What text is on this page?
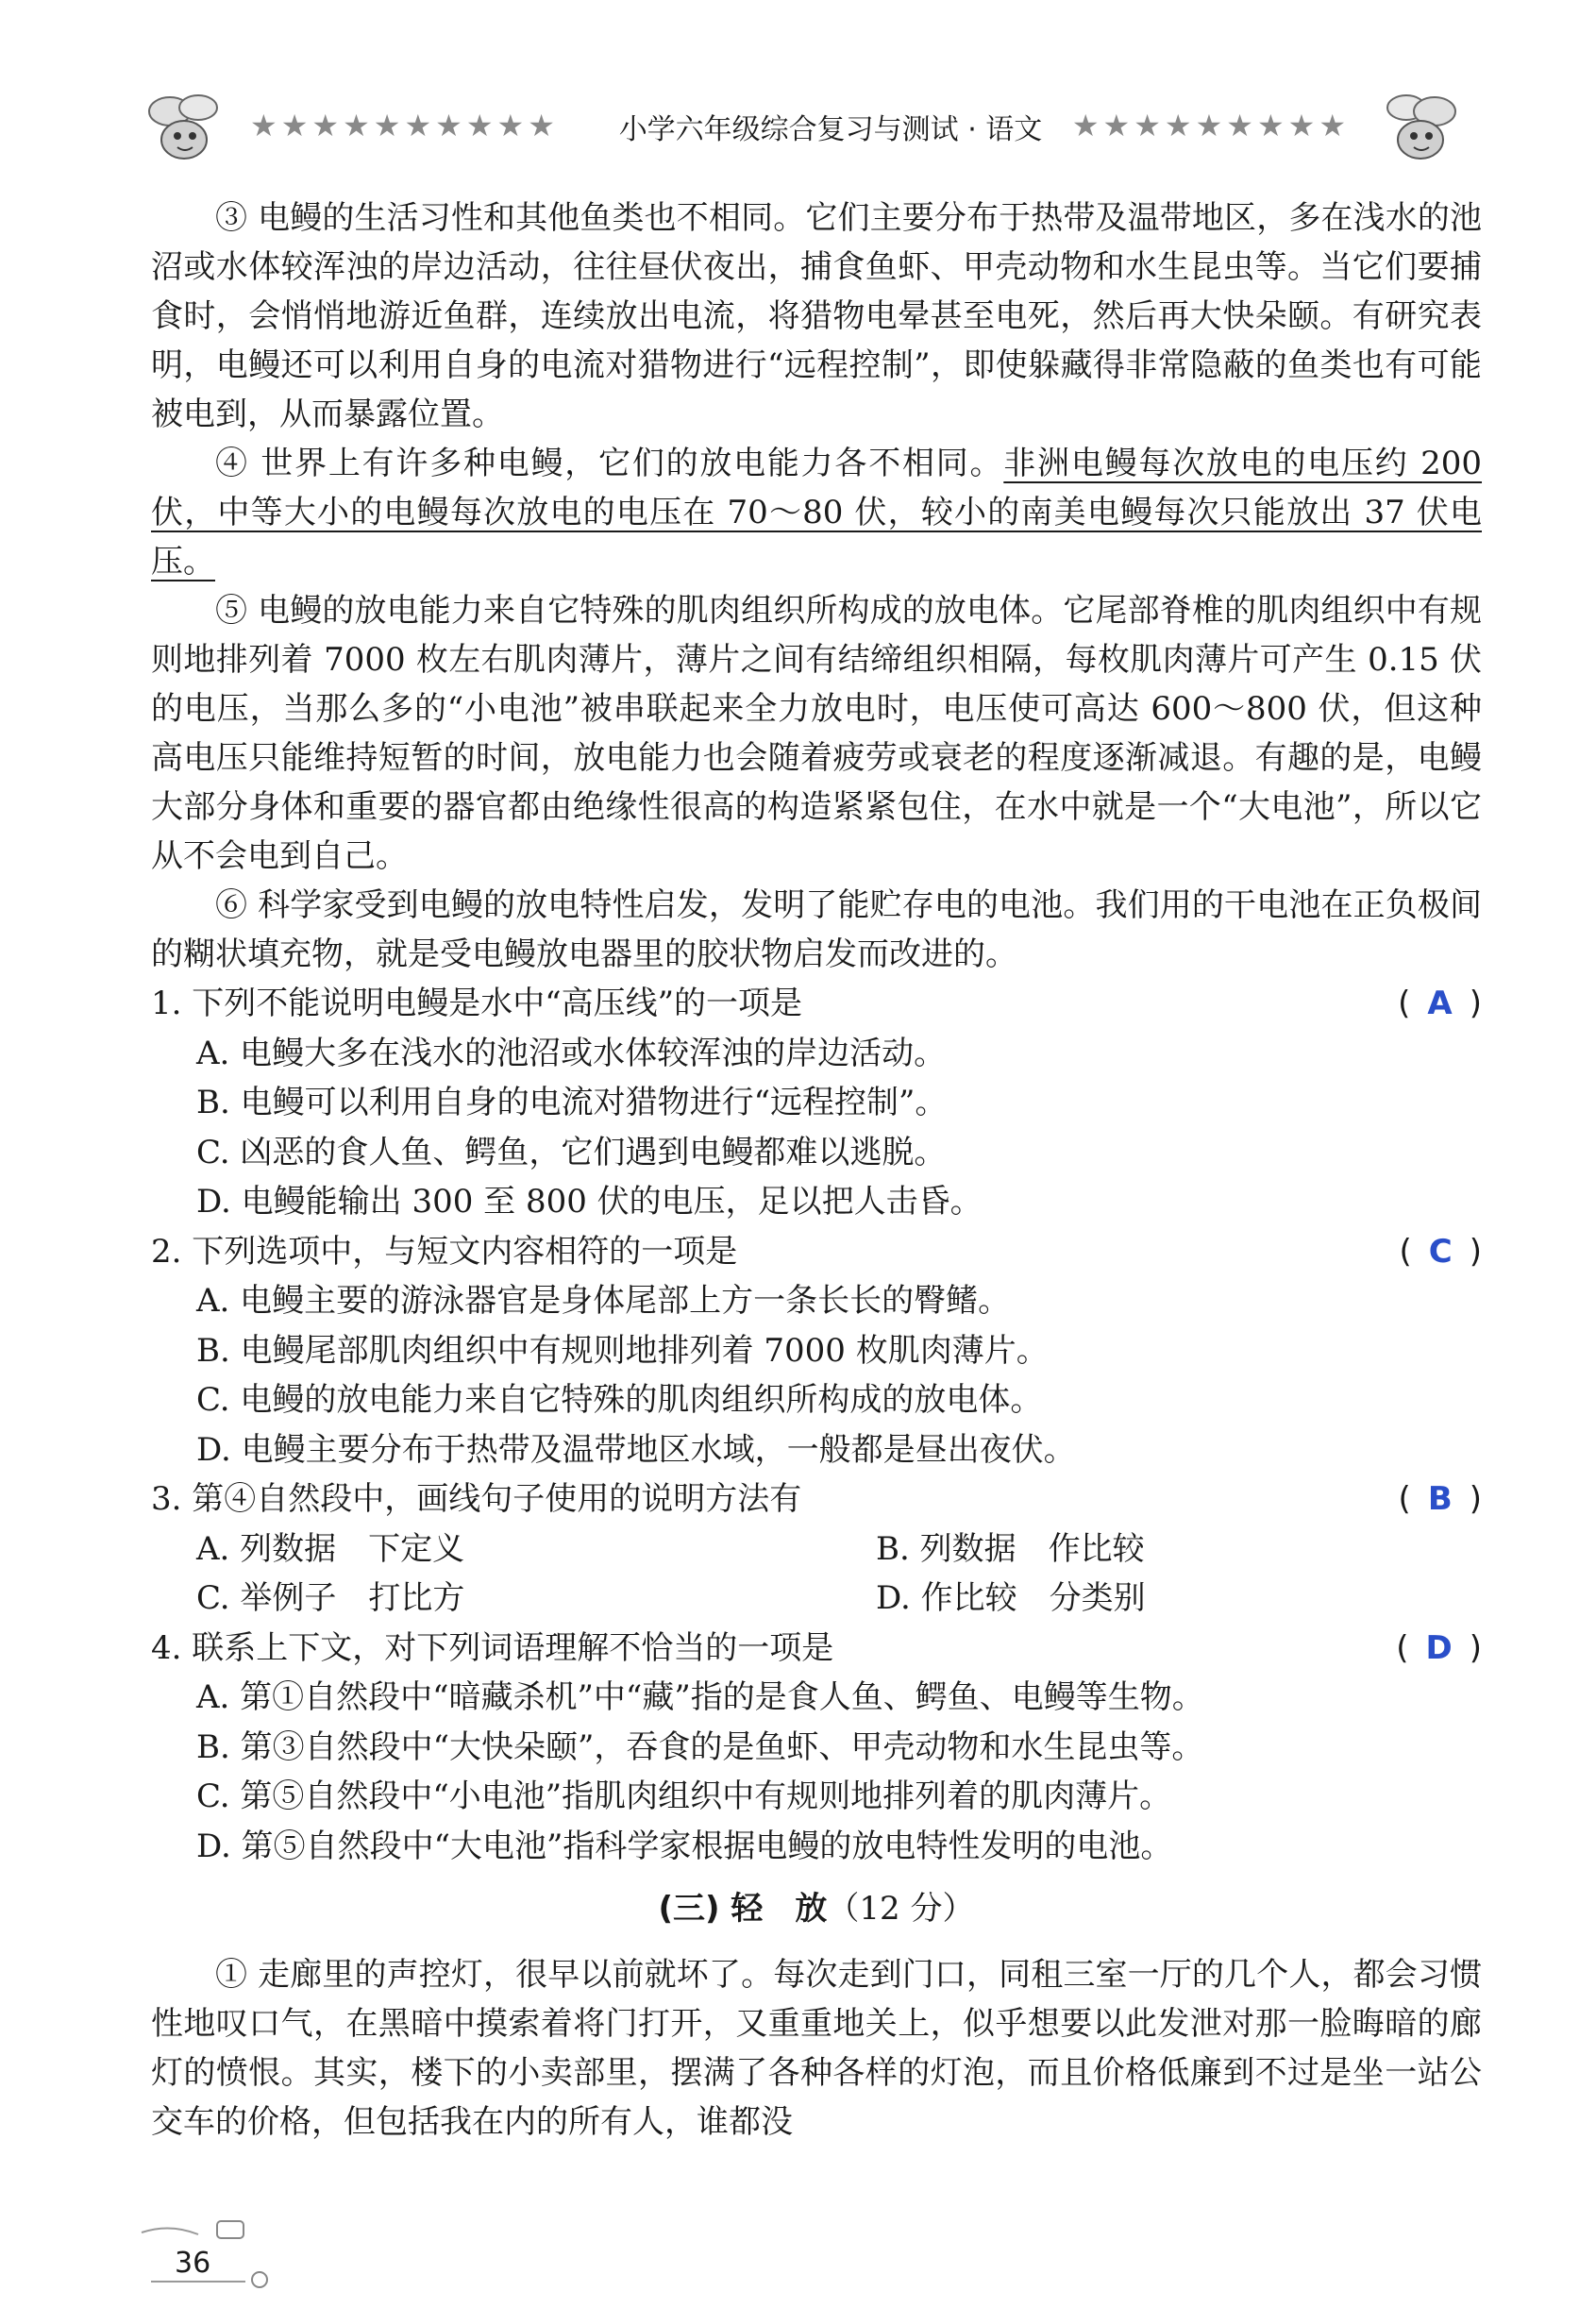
★★★★★★★★★★	小学六年级综合复习与测试 · 语文 ★★★★★★★★★

③ 电鳗的生活习性和其他鱼类也不相同。它们主要分布于热带及温带地区，多在浅水的池沼或水体较浑浊的岸边活动，往往昼伏夜出，捕食鱼虾、甲壳动物和水生昆虫等。当它们要捕食时，会悄悄地游近鱼群，连续放出电流，将猎物电晕甚至电死，然后再大快朵颐。有研究表明，电鳗还可以利用自身的电流对猎物进行“远程控制”，即使躲藏得非常隐蔽的鱼类也有可能被电到，从而暴露位置。

④ 世界上有许多种电鳗，它们的放电能力各不相同。非洲电鳗每次放电的电压约 200 伏，中等大小的电鳗每次放电的电压在 70～80 伏，较小的南美电鳗每次只能放出 37 伏电压。

⑤ 电鳗的放电能力来自它特殊的肌肉组织所构成的放电体。它尾部脊椎的肌肉组织中有规则地排列着 7000 枚左右肌肉薄片，薄片之间有结缔组织相隔，每枚肌肉薄片可产生 0.15 伏的电压，当那么多的“小电池”被串联起来全力放电时，电压使可高达 600～800 伏，但这种高电压只能维持短暂的时间，放电能力也会随着疲劳或衰老的程度逐渐减退。有趣的是，电鳗大部分身体和重要的器官都由绝缘性很高的构造紧紧包住，在水中就是一个“大电池”，所以它从不会电到自己。

⑥ 科学家受到电鳗的放电特性启发，发明了能贮存电的电池。我们用的干电池在正负极间的糊状填充物，就是受电鳗放电器里的胶状物启发而改进的。

1. 下列不能说明电鳗是水中“高压线”的一项是	( A )
A. 电鳗大多在浅水的池沼或水体较浑浊的岸边活动。
B. 电鳗可以利用自身的电流对猎物进行“远程控制”。
C. 凶恶的食人鱼、鳄鱼，它们遇到电鳗都难以逃脱。
D. 电鳗能输出 300 至 800 伏的电压，足以把人击昏。
2. 下列选项中，与短文内容相符的一项是	( C )
A. 电鳗主要的游泳器官是身体尾部上方一条长长的臀鳍。
B. 电鳗尾部肌肉组织中有规则地排列着 7000 枚肌肉薄片。
C. 电鳗的放电能力来自它特殊的肌肉组织所构成的放电体。
D. 电鳗主要分布于热带及温带地区水域，一般都是昼出夜伏。
3. 第④自然段中，画线句子使用的说明方法有	( B )
A. 列数据　下定义	B. 列数据　作比较
C. 举例子　打比方	D. 作比较　分类别
4. 联系上下文，对下列词语理解不恰当的一项是	( D )
A. 第①自然段中“暗藏杀机”中“藏”指的是食人鱼、鳄鱼、电鳗等生物。
B. 第③自然段中“大快朵颐”，吞食的是鱼虾、甲壳动物和水生昆虫等。
C. 第⑤自然段中“小电池”指肌肉组织中有规则地排列着的肌肉薄片。
D. 第⑤自然段中“大电池”指科学家根据电鳗的放电特性发明的电池。
(三) 轻　放（12 分）

① 走廊里的声控灯，很早以前就坏了。每次走到门口，同租三室一厅的几个人，都会习惯性地叹口气，在黑暗中摸索着将门打开，又重重地关上，似乎想要以此发泄对那一脸晦暗的廊灯的愤恨。其实，楼下的小卖部里，摆满了各种各样的灯泡，而且价格低廉到不过是坐一站公交车的价格，但包括我在内的所有人，谁都没

36
